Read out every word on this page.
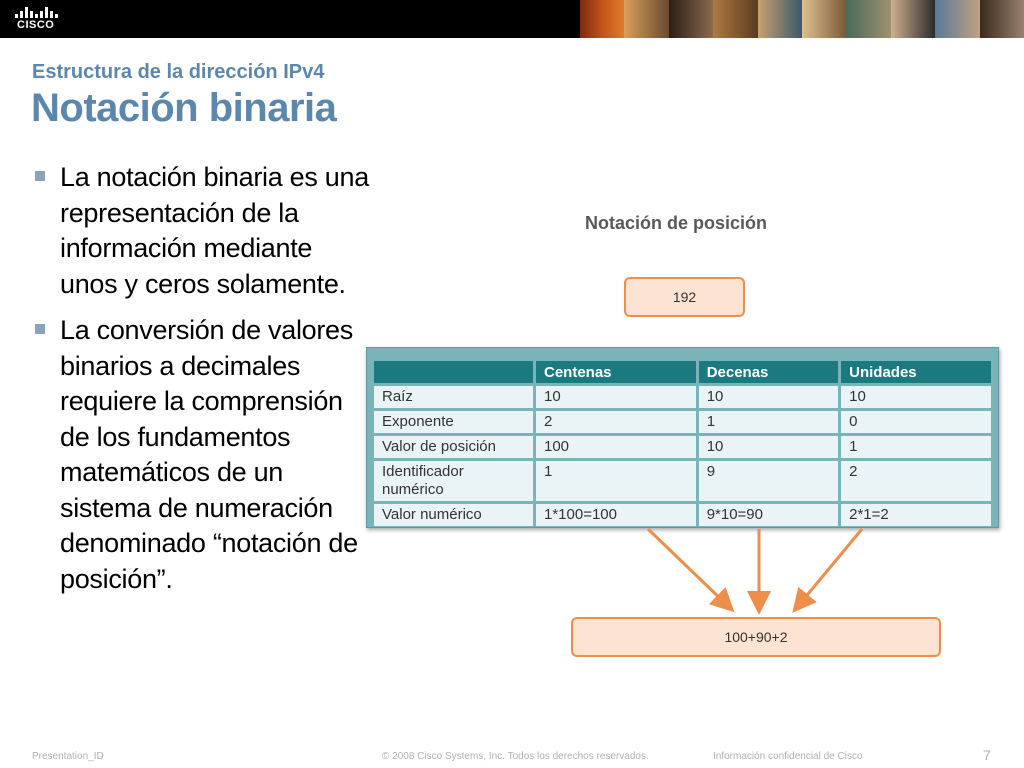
CISCO
Estructura de la dirección IPv4
Notación binaria
La notación binaria es una representación de la información mediante unos y ceros solamente.
La conversión de valores binarios a decimales requiere la comprensión de los fundamentos matemáticos de un sistema de numeración denominado “notación de posición”.
Notación de posición
192
	Centenas	Decenas	Unidades
Raíz	10	10	10
Exponente	2	1	0
Valor de posición	100	10	1
Identificador numérico	1	9	2
Valor numérico	1*100=100	9*10=90	2*1=2
100+90+2
Presentation_ID	© 2008 Cisco Systems, Inc. Todos los derechos reservados.	Información confidencial de Cisco	7
